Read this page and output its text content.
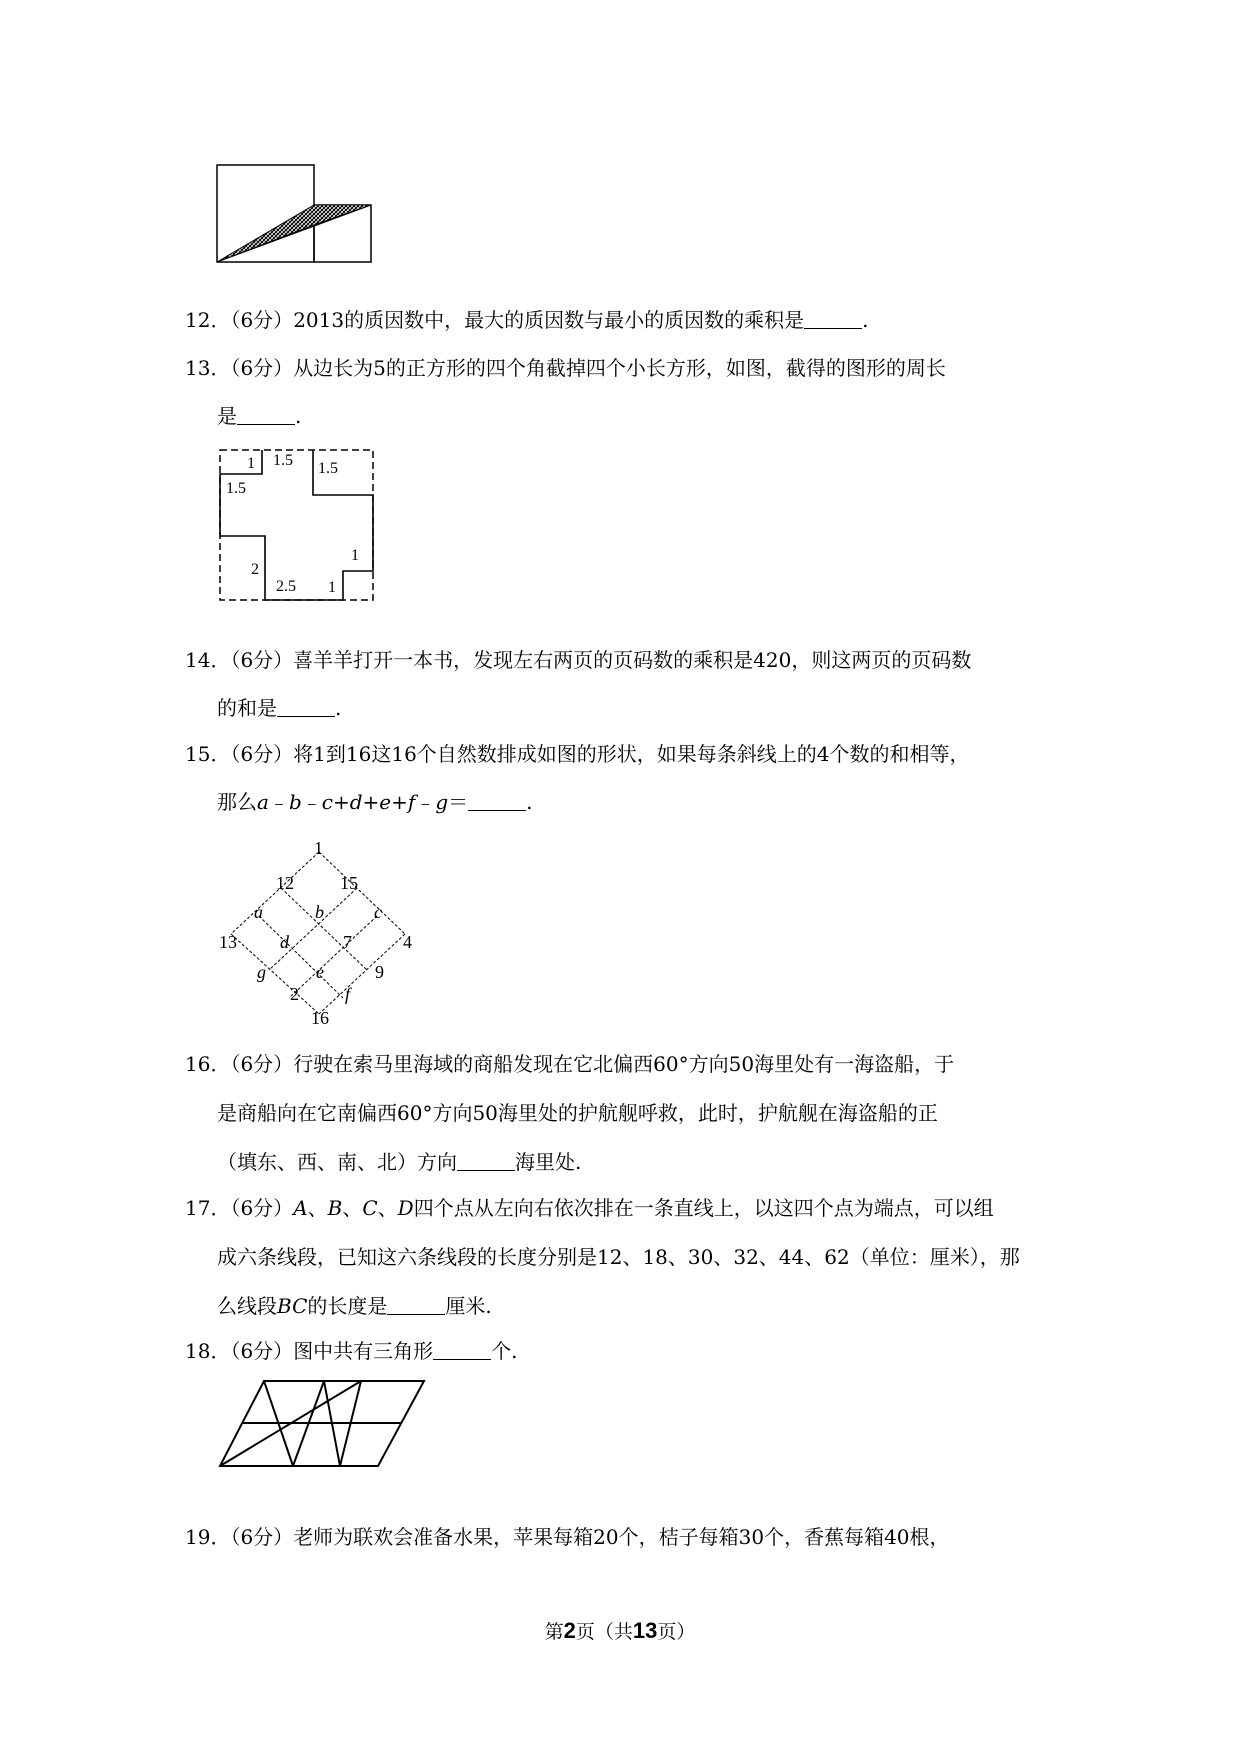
12．（6分）2013的质因数中，最大的质因数与最小的质因数的乘积是	.
13．（6分）从边长为5的正方形的四个角截掉四个小长方形，如图，截得的图形的周长
是	.
1 1.5 1.5
1.5
1
2
2.5 1
14．（6分）喜羊羊打开一本书，发现左右两页的页码数的乘积是420，则这两页的页码数
的和是	.
15．（6分）将1到16这16个自然数排成如图的形状，如果每条斜线上的4个数的和相等，
那么a﹣b﹣c+d+e+f﹣g＝	.
1
12	15
a	b	c
13 d	7	4
g	e	9
2	f
16
16．（6分）行驶在索马里海域的商船发现在它北偏西60°方向50海里处有一海盗船，于
是商船向在它南偏西60°方向50海里处的护航舰呼救，此时，护航舰在海盗船的正
（填东、西、南、北）方向	海里处.
17．（6分）A、B、C、D四个点从左向右依次排在一条直线上，以这四个点为端点，可以组
成六条线段，已知这六条线段的长度分别是12、18、30、32、44、62（单位：厘米），那
么线段BC的长度是	厘米.
18．（6分）图中共有三角形	个.
19．（6分）老师为联欢会准备水果，苹果每箱20个，桔子每箱30个，香蕉每箱40根，
第2页（共13页）
